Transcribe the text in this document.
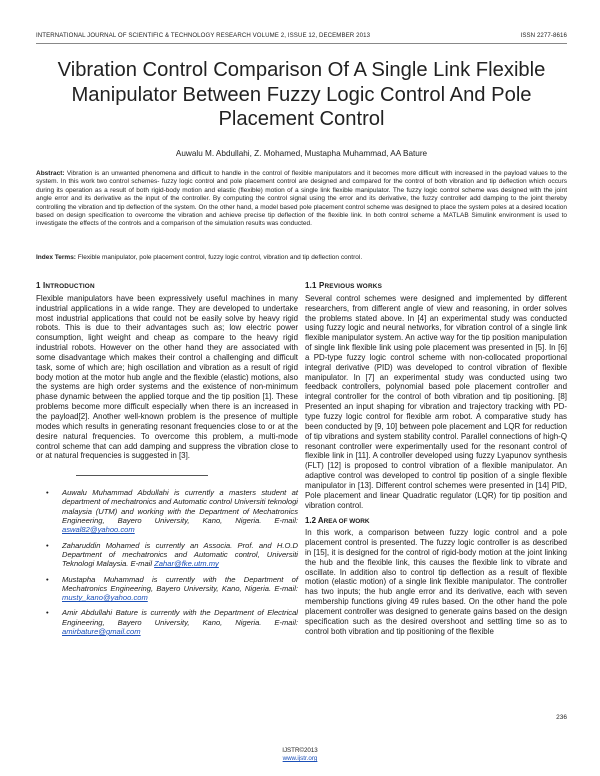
INTERNATIONAL JOURNAL OF SCIENTIFIC & TECHNOLOGY RESEARCH VOLUME 2, ISSUE 12, DECEMBER 2013	ISSN 2277-8616
Vibration Control Comparison Of A Single Link Flexible Manipulator Between Fuzzy Logic Control And Pole Placement Control
Auwalu M. Abdullahi, Z. Mohamed, Mustapha Muhammad, AA Bature

Abstract: Vibration is an unwanted phenomena and difficult to handle in the control of flexible manipulators and it becomes more difficult with increased in the payload values to the system. In this work two control schemes- fuzzy logic control and pole placement control are designed and compared for the control of both vibration and tip deflection which occurs during its operation as a result of both rigid-body motion and elastic (flexible) motion of a single link flexible manipulator. The fuzzy logic control scheme was designed with the joint angle error and its derivative as the input of the controller. By computing the control signal using the error and its derivative, the fuzzy controller add damping to the joint thereby controlling the vibration and tip deflection of the system. On the other hand, a model based pole placement control scheme was designed to place the system poles at a desired location based on design specification to overcome the vibration and achieve precise tip deflection of the flexible link. In both control scheme a MATLAB Simulink environment is used to investigate the effects of the controls and a comparison of the simulation results was conducted.

Index Terms: Flexible manipulator, pole placement control, fuzzy logic control, vibration and tip deflection control.

1 INTRODUCTION

Flexible manipulators have been expressively useful machines in many industrial applications in a wide range. They are developed to undertake most industrial applications that could not be easily solve by heavy rigid robots. This is due to their advantages such as; low electric power consumption, light weight and cheap as compare to the heavy rigid industrial robots. However on the other hand they are associated with some disadvantage which makes their control a challenging and difficult task, some of which are; high oscillation and vibration as a result of rigid body motion at the motor hub angle and the flexible (elastic) motions, also the systems are high order systems and the existence of non-minimum phase dynamic between the applied torque and the tip position [1]. These problems become more difficult especially when there is an increased in the payload[2]. Another well-known problem is the presence of multiple modes which results in generating resonant frequencies close to or at the desire natural frequencies. To overcome this problem, a multi-mode control scheme that can add damping and suppress the vibration close to or at natural frequencies is suggested in [3].

• Auwalu Muhammad Abdullahi is currently a masters student at department of mechatronics and Automatic control Universiti teknologi malaysia (UTM) and working with the Department of Mechatronics Engineering, Bayero University, Kano, Nigeria. E-mail: aswal82@yahoo.com
• Zaharuddin Mohamed is currently an Associa. Prof. and H.O.D Department of mechatronics and Automatic control, Universiti Teknologi Malaysia. E-mail Zahar@fke.utm.my
• Mustapha Muhammad is currently with the Department of Mechatronics Engineering, Bayero University, Kano, Nigeria. E-mail: musty_kano@yahoo.com
• Amir Abdullahi Bature is currently with the Department of Electrical Engineering, Bayero University, Kano, Nigeria. E-mail: amirbature@gmail.com
1.1 PREVIOUS WORKS

Several control schemes were designed and implemented by different researchers, from different angle of view and reasoning, in order solves the problems stated above. In [4] an experimental study was conducted using fuzzy logic and neural networks, for vibration control of a single link flexible manipulator system. An active way for the tip position manipulation of single link flexible link using pole placement was presented in [5]. In [6] a PD-type fuzzy logic control scheme with non-collocated proportional integral derivative (PID) was developed to control vibration of flexible manipulator. In [7] an experimental study was conducted using two feedback controllers, polynomial based pole placement controller and integral controller for the control of both vibration and tip positioning. [8] Presented an input shaping for vibration and trajectory tracking with PD-type fuzzy logic control for flexible arm robot. A comparative study has been conducted by [9, 10] between pole placement and LQR for reduction of tip vibrations and system stability control. Parallel connections of high-Q resonant controller were experimentally used for the resonant control of flexible link in [11]. A controller developed using fuzzy Lyapunov synthesis (FLT) [12] is proposed to control vibration of a flexible manipulator. An adaptive control was developed to control tip position of a single flexible manipulator in [13]. Different control schemes were presented in [14] PID, Pole placement and linear Quadratic regulator (LQR) for tip position and vibration control.

1.2 AREA OF WORK

In this work, a comparison between fuzzy logic control and a pole placement control is presented. The fuzzy logic controller is as described in [15], it is designed for the control of rigid-body motion at the joint linking the hub and the flexible link, this causes the flexible link to vibrate and oscillate. In addition also to control tip deflection as a result of flexible motion (elastic motion) of a single link flexible manipulator. The controller has two inputs; the hub angle error and its derivative, each with seven membership functions giving 49 rules based. On the other hand the pole placement controller was designed to generate gains based on the design specification such as the desired overshoot and settling time so as to control both vibration and tip positioning of the flexible

236
IJSTR©2013
www.ijstr.org
